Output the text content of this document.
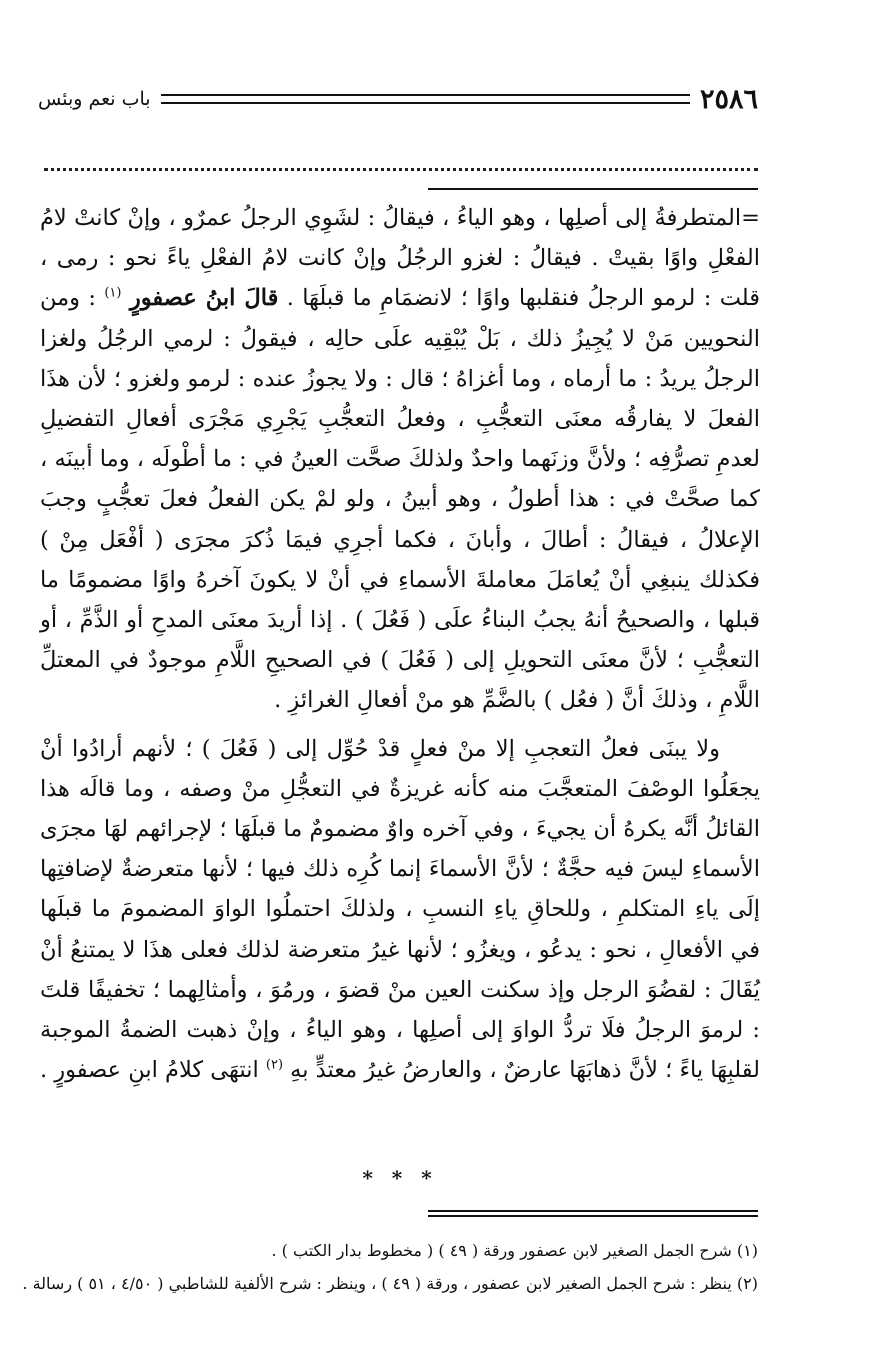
٢٥٨٦
باب نعم وبئس

=المتطرفةُ إلى أصلِها ، وهو الياءُ ، فيقالُ : لشَوِي الرجلُ عمرٌو ، وإنْ كانتْ لامُ الفعْلِ واوًا بقيتْ . فيقالُ : لغزو الرجُلُ وإنْ كانت لامُ الفعْلِ ياءً نحو : رمى ، قلت : لرمو الرجلُ فنقلبها واوًا ؛ لانضمَامِ ما قبلَهَا . قالَ ابنُ عصفورٍ $^{(١)}$ : ومن النحويين مَنْ لا يُجِيزُ ذلك ، بَلْ يُبْقِيه علَى حالِه ، فيقولُ : لرمي الرجُلُ ولغزا الرجلُ يريدُ : ما أرماه ، وما أغزاهُ ؛ قال : ولا يجوزُ عنده : لرمو ولغزو ؛ لأن هذَا الفعلَ لا يفارقُه معنَى التعجُّبِ ، وفعلُ التعجُّبِ يَجْرِي مَجْرَى أفعالِ التفضيلِ لعدمِ تصرُّفِه ؛ ولأنَّ وزنَهما واحدٌ ولذلكَ صحَّت العينُ في : ما أطْولَه ، وما أبينَه ، كما صحَّتْ في : هذا أطولُ ، وهو أبينُ ، ولو لمْ يكن الفعلُ فعلَ تعجُّبٍ وجبَ الإعلالُ ، فيقالُ : أطالَ ، وأبانَ ، فكما أجرِي فيمَا ذُكرَ مجرَى ( أفْعَل مِنْ ) فكذلك ينبغِي أنْ يُعامَلَ معاملةَ الأسماءِ في أنْ لا يكونَ آخرهُ واوًا مضمومًا ما قبلها ، والصحيحُ أنهُ يجبُ البناءُ علَى ( فَعُلَ ) . إذا أريدَ معنَى المدحِ أو الذَّمِّ ، أو التعجُّبِ ؛ لأنَّ معنَى التحويلِ إلى ( فَعُلَ ) في الصحيحِ اللَّامِ موجودٌ في المعتلِّ اللَّامِ ، وذلكَ أنَّ ( فعُل ) بالضَّمِّ هو منْ أفعالِ الغرائزِ .

ولا يبنَى فعلُ التعجبِ إلا منْ فعلٍ قدْ حُوِّل إلى ( فَعُلَ ) ؛ لأنهم أرادُوا أنْ يجعَلُوا الوصْفَ المتعجَّبَ منه كأنه غريزةٌ في التعجُّلِ منْ وصفه ، وما قالَه هذا القائلُ أنَّه يكرهُ أن يجيءَ ، وفي آخره واوٌ مضمومٌ ما قبلَهَا ؛ لإجرائهم لهَا مجرَى الأسماءِ ليسَ فيه حجَّةٌ ؛ لأنَّ الأسماءَ إنما كُرِه ذلك فيها ؛ لأنها متعرضةٌ لإضافتِها إلَى ياءِ المتكلمِ ، وللحاقِ ياءِ النسبِ ، ولذلكَ احتملُوا الواوَ المضمومَ ما قبلَها في الأفعالِ ، نحو : يدعُو ، ويغزُو ؛ لأنها غيرُ متعرضة لذلك فعلى هذَا لا يمتنعُ أنْ يُقَالَ : لقضُوَ الرجل وإذ سكنت العين منْ قضوَ ، ورمُوَ ، وأمثالِهما ؛ تخفيفًا قلتَ : لرموَ الرجلُ فلَا تردُّ الواوَ إلى أصلِها ، وهو الياءُ ، وإنْ ذهبت الضمةُ الموجبة لقلبِهَا ياءً ؛ لأنَّ ذهابَهَا عارضٌ ، والعارضُ غيرُ معتدٍّ بهِ $^{(٢)}$ انتهَى كلامُ ابنِ عصفورٍ .

* * *

(١) شرح الجمل الصغير لابن عصفور ورقة ( ٤٩ ) ( مخطوط بدار الكتب ) .

(٢) ينظر : شرح الجمل الصغير لابن عصفور ، ورقة ( ٤٩ ) ، وينظر : شرح الألفية للشاطبي ( ٤/٥٠ ، ٥١ ) رسالة .
